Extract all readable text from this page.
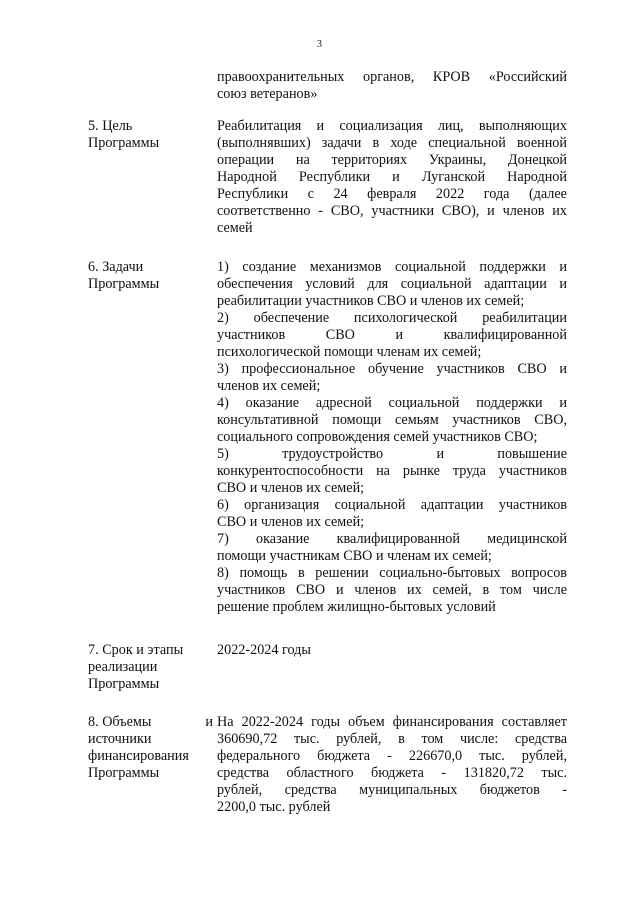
3
правоохранительных органов, КРОВ «Российский
союз ветеранов»
5. Цель
Программы
Реабилитация и социализация лиц, выполняющих
(выполнявших) задачи в ходе специальной военной
операции на территориях Украины, Донецкой
Народной Республики и Луганской Народной
Республики с 24 февраля 2022 года (далее
соответственно - СВО, участники СВО), и членов их
семей
6. Задачи
Программы
1) создание механизмов социальной поддержки и
обеспечения условий для социальной адаптации и
реабилитации участников СВО и членов их семей;
2) обеспечение психологической реабилитации
участников СВО и квалифицированной
психологической помощи членам их семей;
3) профессиональное обучение участников СВО и
членов их семей;
4) оказание адресной социальной поддержки и
консультативной помощи семьям участников СВО,
социального сопровождения семей участников СВО;
5) трудоустройство и повышение
конкурентоспособности на рынке труда участников
СВО и членов их семей;
6) организация социальной адаптации участников
СВО и членов их семей;
7) оказание квалифицированной медицинской
помощи участникам СВО и членам их семей;
8) помощь в решении социально-бытовых вопросов
участников СВО и членов их семей, в том числе
решение проблем жилищно-бытовых условий
7. Срок и этапы
реализации
Программы
2022-2024 годы
8. Объемы	и
источники
финансирования
Программы
На 2022-2024 годы объем финансирования составляет
360690,72 тыс. рублей, в том числе: средства
федерального бюджета - 226670,0 тыс. рублей,
средства областного бюджета - 131820,72 тыс.
рублей, средства муниципальных бюджетов -
2200,0 тыс. рублей
